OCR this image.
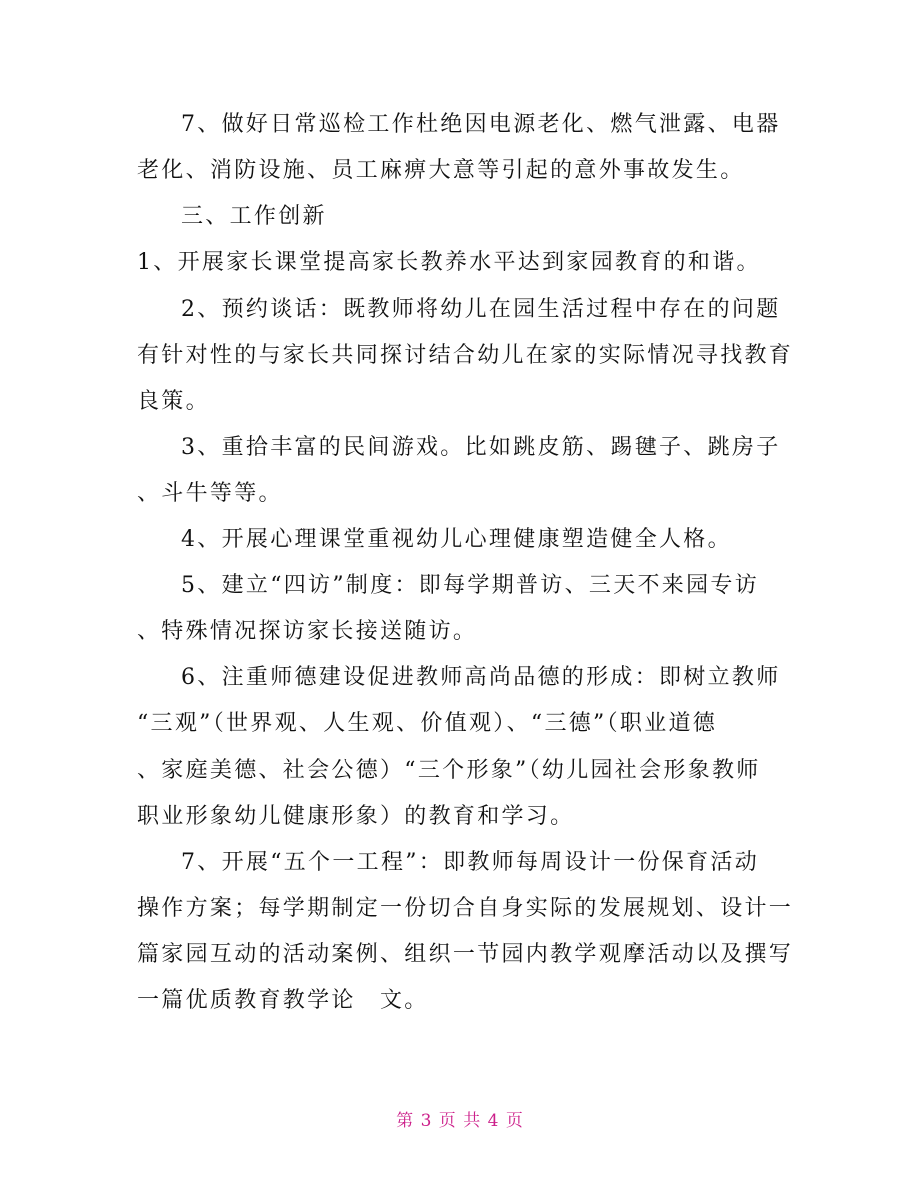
7、做好日常巡检工作杜绝因电源老化、燃气泄露、电器
老化、消防设施、员工麻痹大意等引起的意外事故发生。
三、工作创新
1、开展家长课堂提高家长教养水平达到家园教育的和谐。
2、预约谈话：既教师将幼儿在园生活过程中存在的问题
有针对性的与家长共同探讨结合幼儿在家的实际情况寻找教育
良策。
3、重拾丰富的民间游戏。比如跳皮筋、踢毽子、跳房子
、斗牛等等。
4、开展心理课堂重视幼儿心理健康塑造健全人格。
5、建立“四访”制度：即每学期普访、三天不来园专访
、特殊情况探访家长接送随访。
6、注重师德建设促进教师高尚品德的形成：即树立教师
“三观”（世界观、人生观、价值观）、“三德”（职业道德
、家庭美德、社会公德）“三个形象”（幼儿园社会形象教师
职业形象幼儿健康形象）的教育和学习。
7、开展“五个一工程”：即教师每周设计一份保育活动
操作方案；每学期制定一份切合自身实际的发展规划、设计一
篇家园互动的活动案例、组织一节园内教学观摩活动以及撰写
一篇优质教育教学论　文。
第 3 页 共 4 页
